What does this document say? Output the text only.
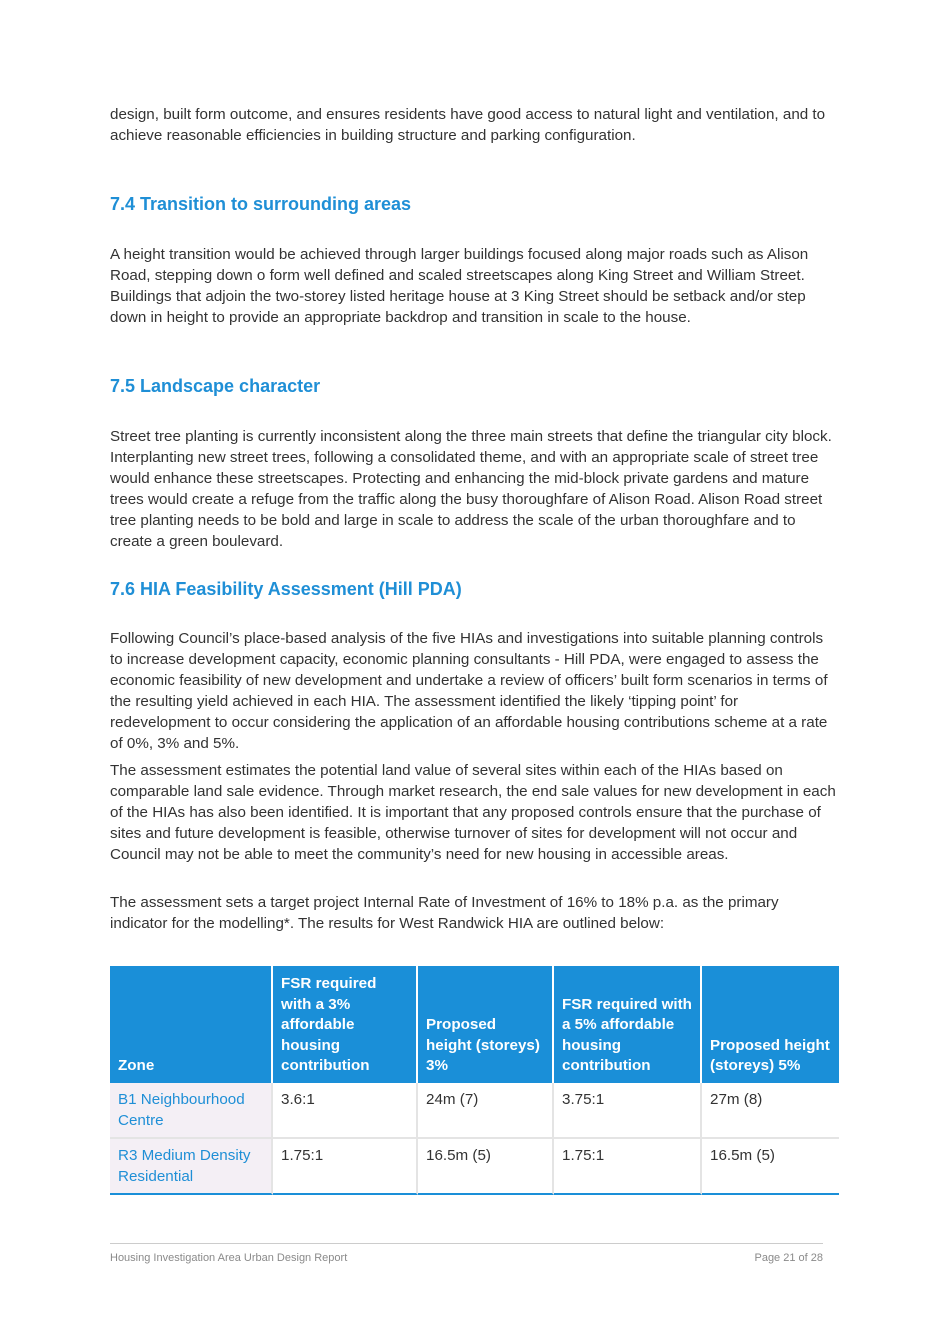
design, built form outcome, and ensures residents have good access to natural light and ventilation, and to achieve reasonable efficiencies in building structure and parking configuration.

7.4 Transition to surrounding areas

A height transition would be achieved through larger buildings focused along major roads such as Alison Road, stepping down o form well defined and scaled streetscapes along King Street and William Street. Buildings that adjoin the two-storey listed heritage house at 3 King Street should be setback and/or step down in height to provide an appropriate backdrop and transition in scale to the house.

7.5 Landscape character

Street tree planting is currently inconsistent along the three main streets that define the triangular city block. Interplanting new street trees, following a consolidated theme, and with an appropriate scale of street tree would enhance these streetscapes. Protecting and enhancing the mid-block private gardens and mature trees would create a refuge from the traffic along the busy thoroughfare of Alison Road. Alison Road street tree planting needs to be bold and large in scale to address the scale of the urban thoroughfare and to create a green boulevard.

7.6 HIA Feasibility Assessment (Hill PDA)

Following Council’s place-based analysis of the five HIAs and investigations into suitable planning controls to increase development capacity, economic planning consultants - Hill PDA, were engaged to assess the economic feasibility of new development and undertake a review of officers’ built form scenarios in terms of the resulting yield achieved in each HIA. The assessment identified the likely ‘tipping point’ for redevelopment to occur considering the application of an affordable housing contributions scheme at a rate of 0%, 3% and 5%.

The assessment estimates the potential land value of several sites within each of the HIAs based on comparable land sale evidence. Through market research, the end sale values for new development in each of the HIAs has also been identified. It is important that any proposed controls ensure that the purchase of sites and future development is feasible, otherwise turnover of sites for development will not occur and Council may not be able to meet the community’s need for new housing in accessible areas.

The assessment sets a target project Internal Rate of Investment of 16% to 18% p.a. as the primary indicator for the modelling*. The results for West Randwick HIA are outlined below:

Zone	FSR required with a 3% affordable housing contribution	Proposed height (storeys) 3%	FSR required with a 5% affordable housing contribution	Proposed height (storeys) 5%
B1 Neighbourhood Centre	3.6:1	24m (7)	3.75:1	27m (8)
R3 Medium Density Residential	1.75:1	16.5m (5)	1.75:1	16.5m (5)
Housing Investigation Area Urban Design Report	Page 21 of 28
